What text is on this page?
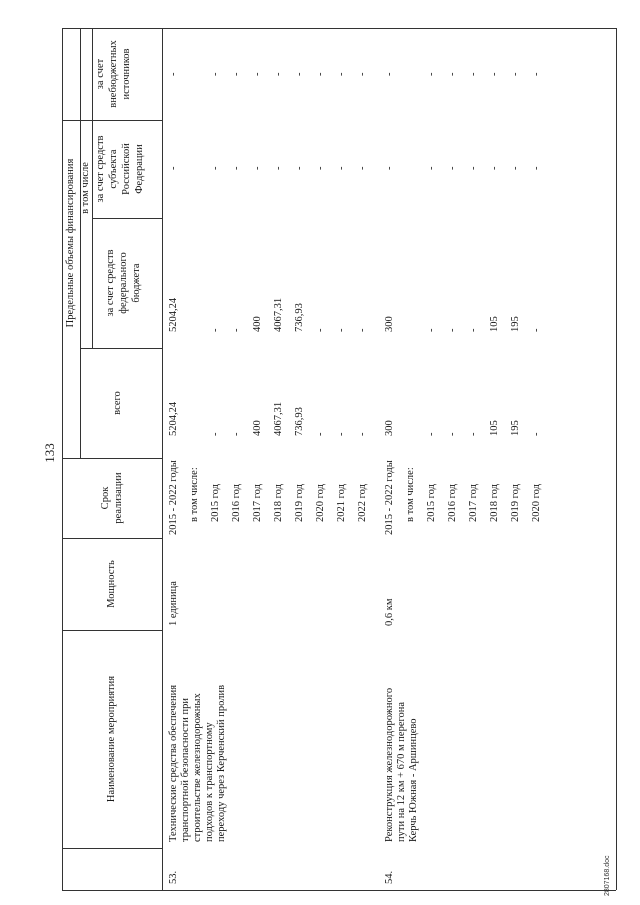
133
Наименование мероприятия
Мощность
Срок реализации
Предельные объемы финансирования
всего
в том числе
за счет средств федерального бюджета
за счет средств субъекта Российской Федерации
за счет внебюджетных источников
53.
Технические средства обеспечения транспортной безопасности при строительстве железнодорожных подходов к транспортному переходу через Керченский пролив
1 единица
2015 - 2022 годы
5204,24
5204,24
-
-
в том числе: 2015 год
-
-
-
-
2016 год
-
-
-
-
2017 год
400
400
-
-
2018 год
4067,31
4067,31
-
-
2019 год
736,93
736,93
-
-
2020 год
-
-
-
-
2021 год
-
-
-
-
2022 год
-
-
-
-
54.
Реконструкция железнодорожного пути на 12 км + 670 м перегона Керчь Южная - Аршинцево
0,6 км
2015 - 2022 годы
300
300
-
-
в том числе: 2015 год
-
-
-
-
2016 год
-
-
-
-
2017 год
-
-
-
-
2018 год
105
105
-
-
2019 год
195
195
-
-
2020 год
-
-
-
-
2807168.doc
